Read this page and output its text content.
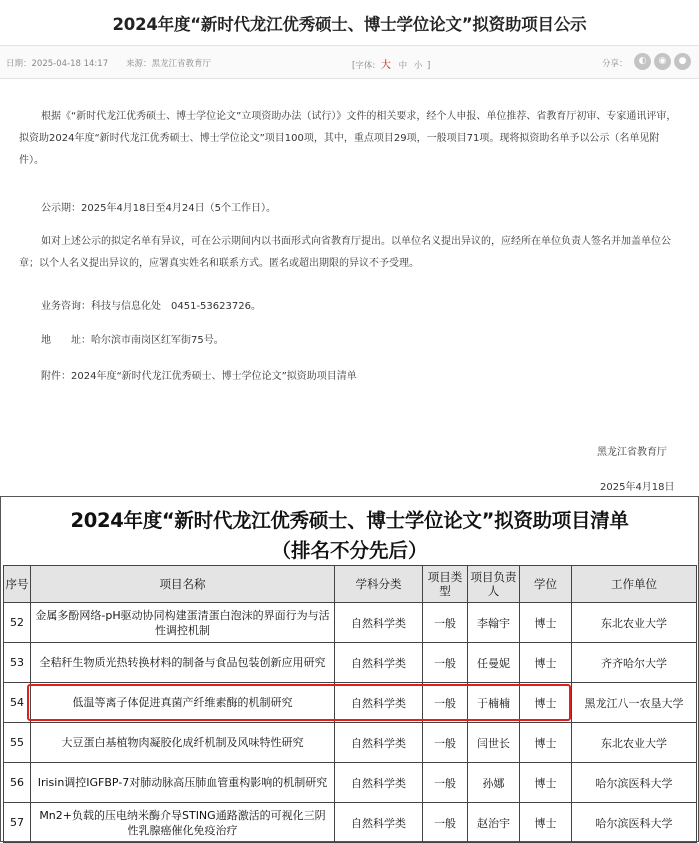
2024年度“新时代龙江优秀硕士、博士学位论文”拟资助项目公示
日期：2025-04-18 14:17 来源：黑龙江省教育厅	[字体: 大 中 小 ]	分享：	◐	◉	●
根据《“新时代龙江优秀硕士、博士学位论文”立项资助办法（试行）》文件的相关要求，经个人申报、单位推荐、省教育厅初审、专家通讯评审，拟资助2024年度“新时代龙江优秀硕士、博士学位论文”项目100项，其中，重点项目29项，一般项目71项。现将拟资助名单予以公示（名单见附件）。
公示期：2025年4月18日至4月24日（5个工作日）。
如对上述公示的拟定名单有异议，可在公示期间内以书面形式向省教育厅提出。以单位名义提出异议的，应经所在单位负责人签名并加盖单位公章；以个人名义提出异议的，应署真实姓名和联系方式。匿名或超出期限的异议不予受理。
业务咨询：科技与信息化处　0451-53623726。
地　　址：哈尔滨市南岗区红军街75号。
附件：2024年度“新时代龙江优秀硕士、博士学位论文”拟资助项目清单
黑龙江省教育厅
2025年4月18日
2024年度“新时代龙江优秀硕士、博士学位论文”拟资助项目清单
（排名不分先后）
序号	项目名称	学科分类	项目类型	项目负责人	学位	工作单位
52	金属多酚网络-pH驱动协同构建蛋清蛋白泡沫的界面行为与活性调控机制	自然科学类	一般	李翰宇	博士	东北农业大学
53	全秸秆生物质光热转换材料的制备与食品包装创新应用研究	自然科学类	一般	任曼妮	博士	齐齐哈尔大学
54	低温等离子体促进真菌产纤维素酶的机制研究	自然科学类	一般	于楠楠	博士	黑龙江八一农垦大学
55	大豆蛋白基植物肉凝胶化成纤机制及风味特性研究	自然科学类	一般	闫世长	博士	东北农业大学
56	Irisin调控IGFBP-7对肺动脉高压肺血管重构影响的机制研究	自然科学类	一般	孙娜	博士	哈尔滨医科大学
57	Mn2+负载的压电纳米酶介导STING通路激活的可视化三阴性乳腺癌催化免疫治疗	自然科学类	一般	赵治宇	博士	哈尔滨医科大学
